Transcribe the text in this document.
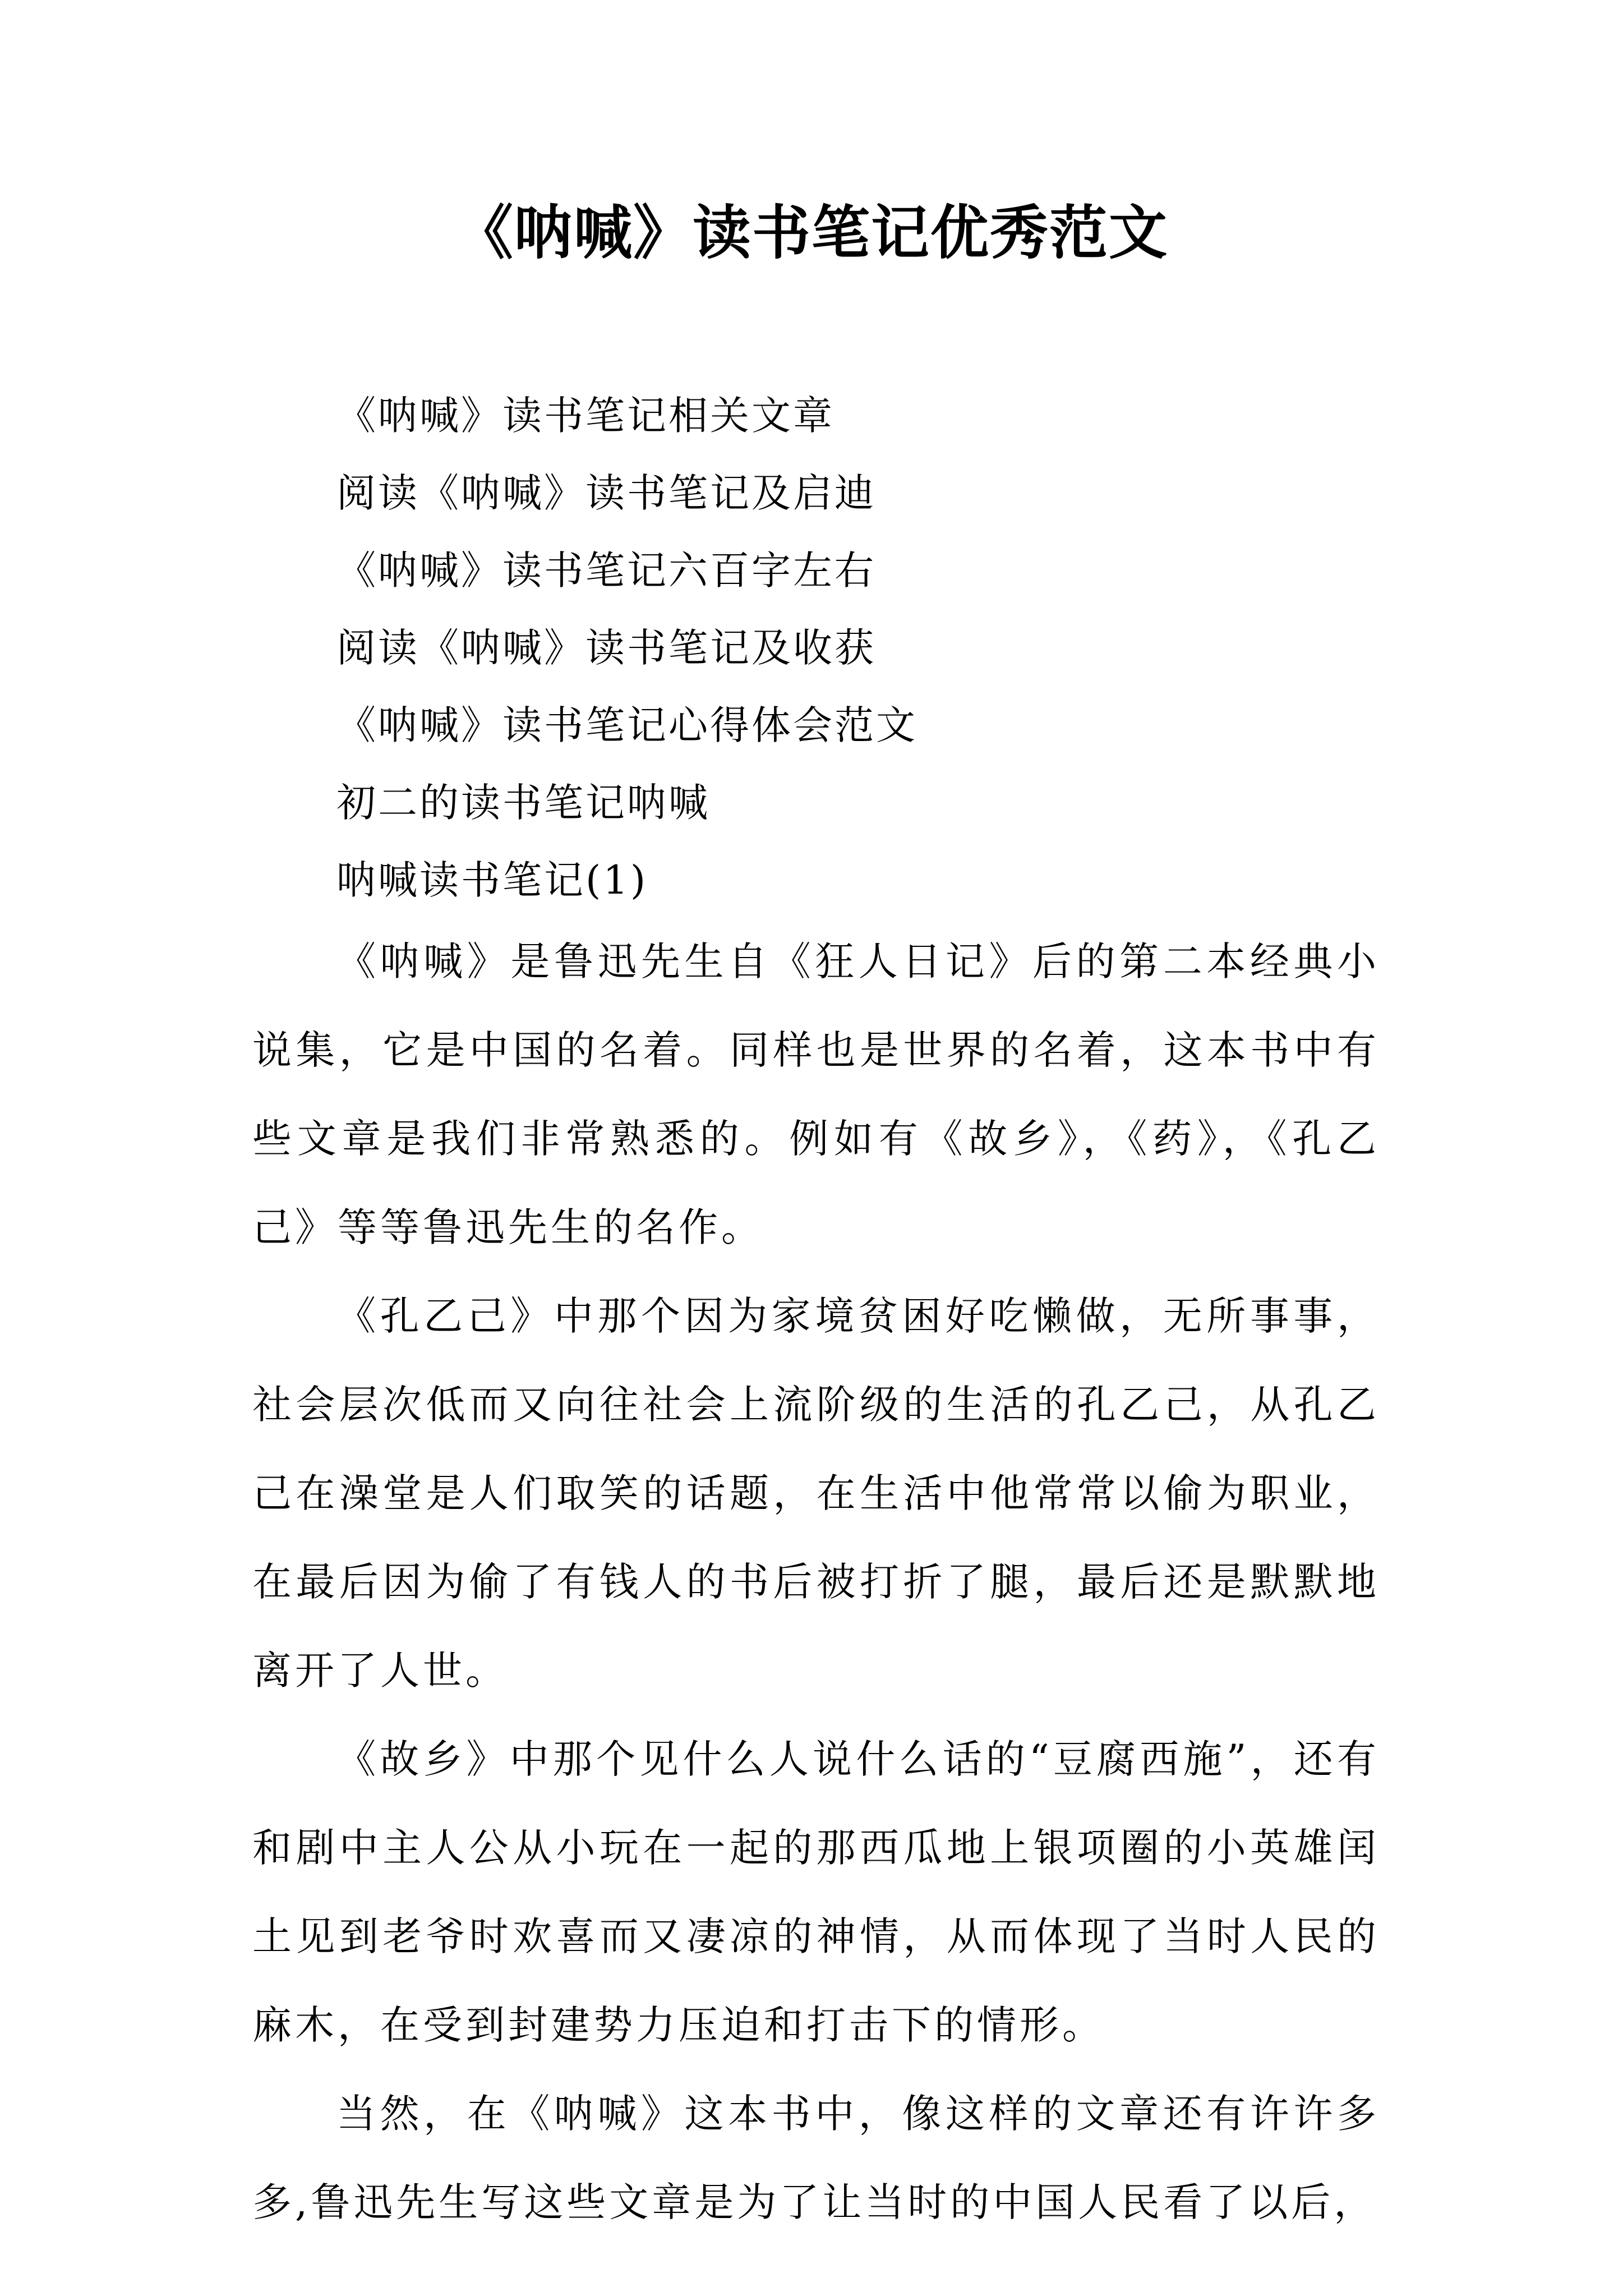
《呐喊》读书笔记优秀范文
《呐喊》读书笔记相关文章
阅读《呐喊》读书笔记及启迪
《呐喊》读书笔记六百字左右
阅读《呐喊》读书笔记及收获
《呐喊》读书笔记心得体会范文
初二的读书笔记呐喊
呐喊读书笔记(1)

《呐喊》是鲁迅先生自《狂人日记》后的第二本经典小说集，它是中国的名着。同样也是世界的名着，这本书中有些文章是我们非常熟悉的。例如有《故乡》，《药》，《孔乙己》等等鲁迅先生的名作。

《孔乙己》中那个因为家境贫困好吃懒做，无所事事，社会层次低而又向往社会上流阶级的生活的孔乙己，从孔乙己在澡堂是人们取笑的话题，在生活中他常常以偷为职业，在最后因为偷了有钱人的书后被打折了腿，最后还是默默地离开了人世。

《故乡》中那个见什么人说什么话的“豆腐西施”，还有和剧中主人公从小玩在一起的那西瓜地上银项圈的小英雄闰土见到老爷时欢喜而又凄凉的神情，从而体现了当时人民的麻木，在受到封建势力压迫和打击下的情形。

当然，在《呐喊》这本书中，像这样的文章还有许许多多,鲁迅先生写这些文章是为了让当时的中国人民看了以后，
